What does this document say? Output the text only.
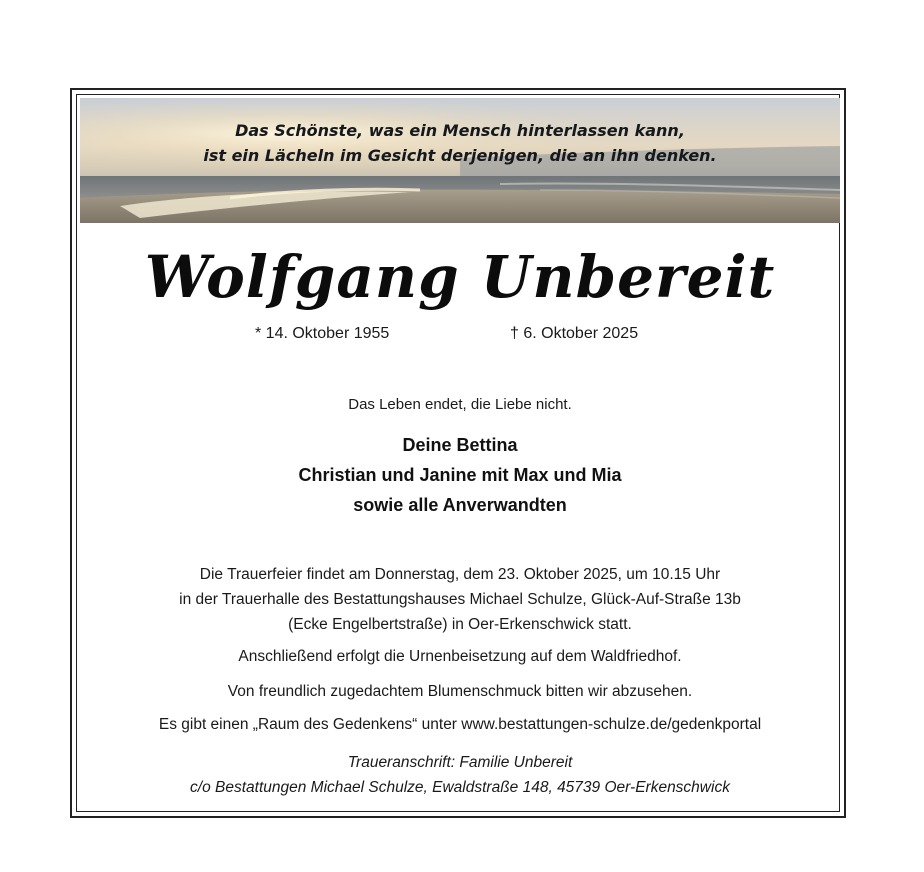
Das Schönste, was ein Mensch hinterlassen kann,
ist ein Lächeln im Gesicht derjenigen, die an ihn denken.
Wolfgang Unbereit
* 14. Oktober 1955	† 6. Oktober 2025
Das Leben endet, die Liebe nicht.
Deine Bettina
Christian und Janine mit Max und Mia
sowie alle Anverwandten
Die Trauerfeier findet am Donnerstag, dem 23. Oktober 2025, um 10.15 Uhr
in der Trauerhalle des Bestattungshauses Michael Schulze, Glück-Auf-Straße 13b
(Ecke Engelbertstraße) in Oer-Erkenschwick statt.
Anschließend erfolgt die Urnenbeisetzung auf dem Waldfriedhof.
Von freundlich zugedachtem Blumenschmuck bitten wir abzusehen.
Es gibt einen „Raum des Gedenkens“ unter www.bestattungen-schulze.de/gedenkportal
Traueranschrift: Familie Unbereit
c/o Bestattungen Michael Schulze, Ewaldstraße 148, 45739 Oer-Erkenschwick
